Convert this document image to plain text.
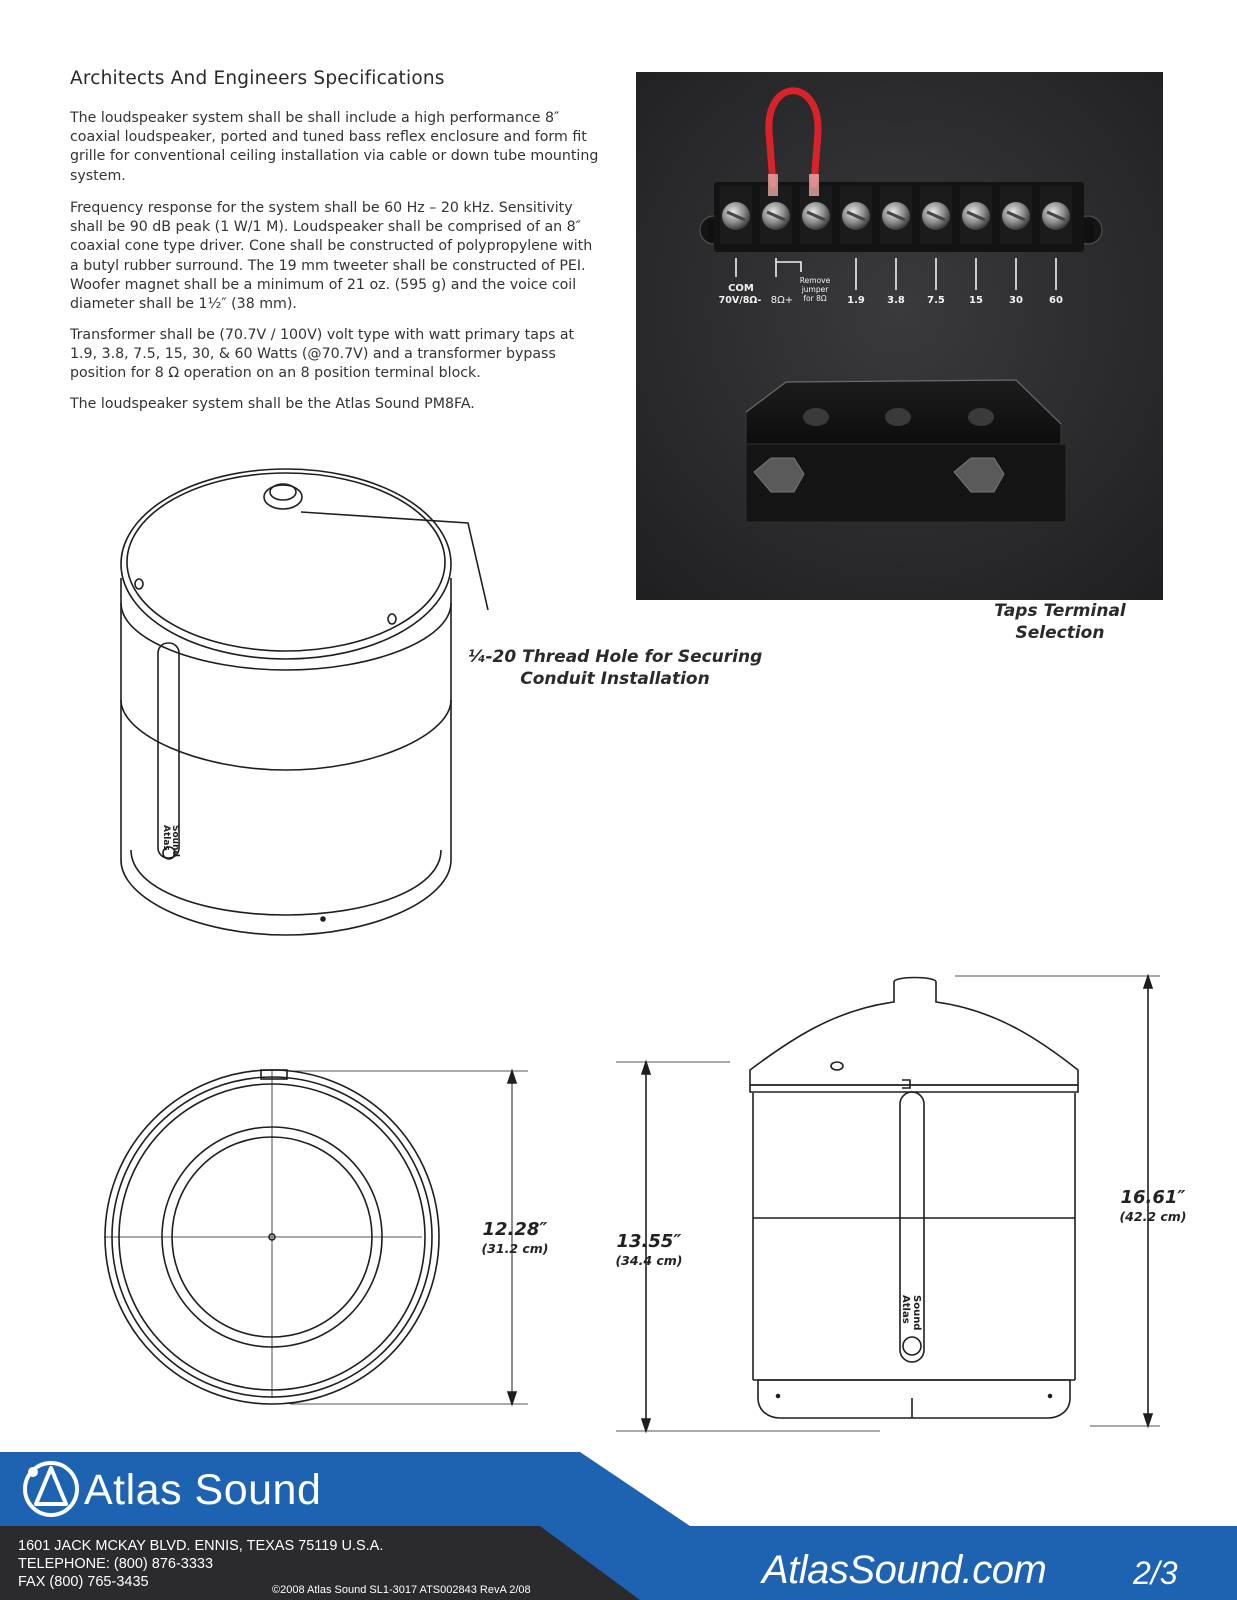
Architects And Engineers Specifications

The loudspeaker system shall be shall include a high performance 8″ coaxial loudspeaker, ported and tuned bass reflex enclosure and form fit grille for conventional ceiling installation via cable or down tube mounting system.

Frequency response for the system shall be 60 Hz – 20 kHz. Sensitivity shall be 90 dB peak (1 W/1 M). Loudspeaker shall be comprised of an 8″ coaxial cone type driver. Cone shall be constructed of polypropylene with a butyl rubber surround. The 19 mm tweeter shall be constructed of PEI. Woofer magnet shall be a minimum of 21 oz. (595 g) and the voice coil diameter shall be 1½″ (38 mm).

Transformer shall be (70.7V / 100V) volt type with watt primary taps at 1.9, 3.8, 7.5, 15, 30, & 60 Watts (@70.7V) and a transformer bypass position for 8 Ω operation on an 8 position terminal block.

The loudspeaker system shall be the Atlas Sound PM8FA.

COM
70V/8Ω- 8Ω+
Remove
jumper
for 8Ω 1.9 3.8 7.5 15	30	60
Atlas Sound
Atlas Sound
Taps Terminal
Selection
¹⁄₄-20 Thread Hole for Securing
Conduit Installation
12.28″
(31.2 cm)	13.55″
(34.4 cm)
16.61″
(42.2 cm)
Atlas Sound
1601 JACK MCKAY BLVD. ENNIS, TEXAS 75119 U.S.A.
TELEPHONE: (800) 876-3333
FAX (800) 765-3435	©2008 Atlas Sound SL1-3017 ATS002843 RevA 2/08	AtlasSound.com	2/3
